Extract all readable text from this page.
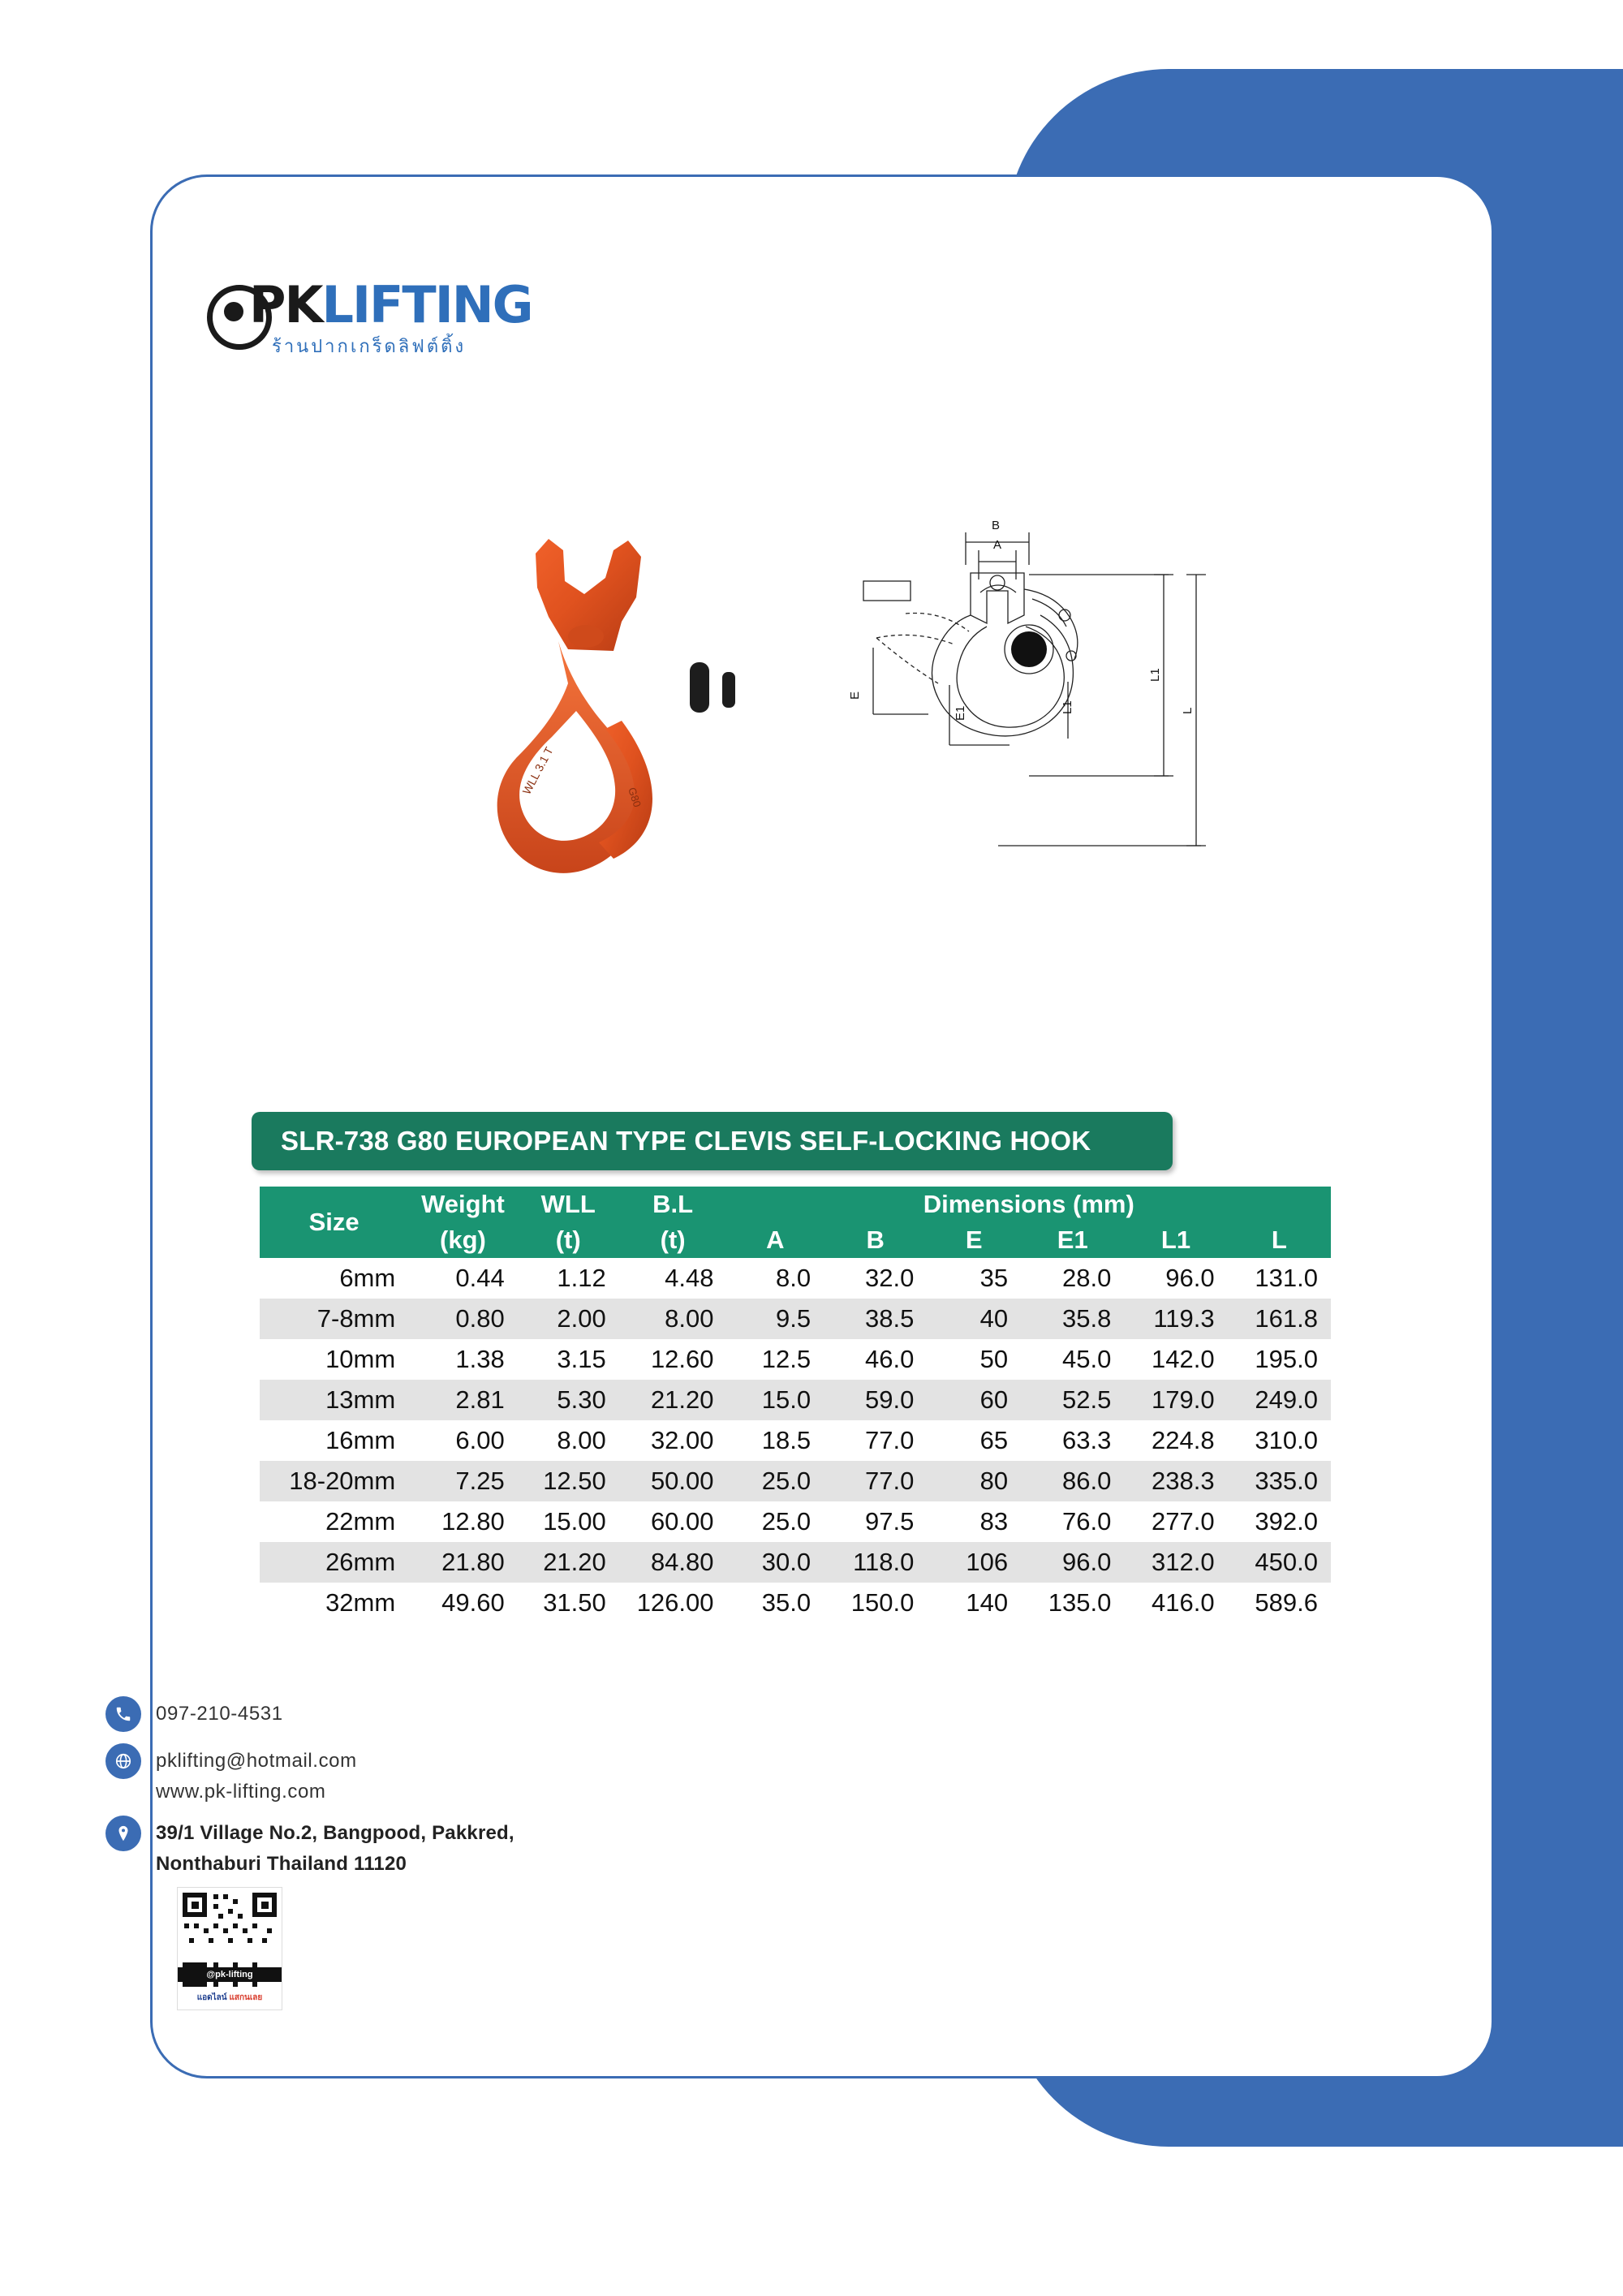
PKLIFTING
ร้านปากเกร็ดลิฟต์ติ้ง
WLL 3.1 T
G80
B
A
E
E1	L1
L1
L
SLR-738 G80 EUROPEAN TYPE CLEVIS SELF-LOCKING HOOK
Size	Weight	WLL	B.L	Dimensions (mm)					
	(kg)	(t)	(t)	A	B	E	E1	L1	L
6mm	0.44	1.12	4.48	8.0	32.0	35	28.0	96.0	131.0
7-8mm	0.80	2.00	8.00	9.5	38.5	40	35.8	119.3	161.8
10mm	1.38	3.15	12.60	12.5	46.0	50	45.0	142.0	195.0
13mm	2.81	5.30	21.20	15.0	59.0	60	52.5	179.0	249.0
16mm	6.00	8.00	32.00	18.5	77.0	65	63.3	224.8	310.0
18-20mm	7.25	12.50	50.00	25.0	77.0	80	86.0	238.3	335.0
22mm	12.80	15.00	60.00	25.0	97.5	83	76.0	277.0	392.0
26mm	21.80	21.20	84.80	30.0	118.0	106	96.0	312.0	450.0
32mm	49.60	31.50	126.00	35.0	150.0	140	135.0	416.0	589.6
097-210-4531
pklifting@hotmail.com
www.pk-lifting.com
39/1 Village No.2, Bangpood, Pakkred,
Nonthaburi Thailand 11120
@pk-lifting
แอดไลน์ แสกนเลย
